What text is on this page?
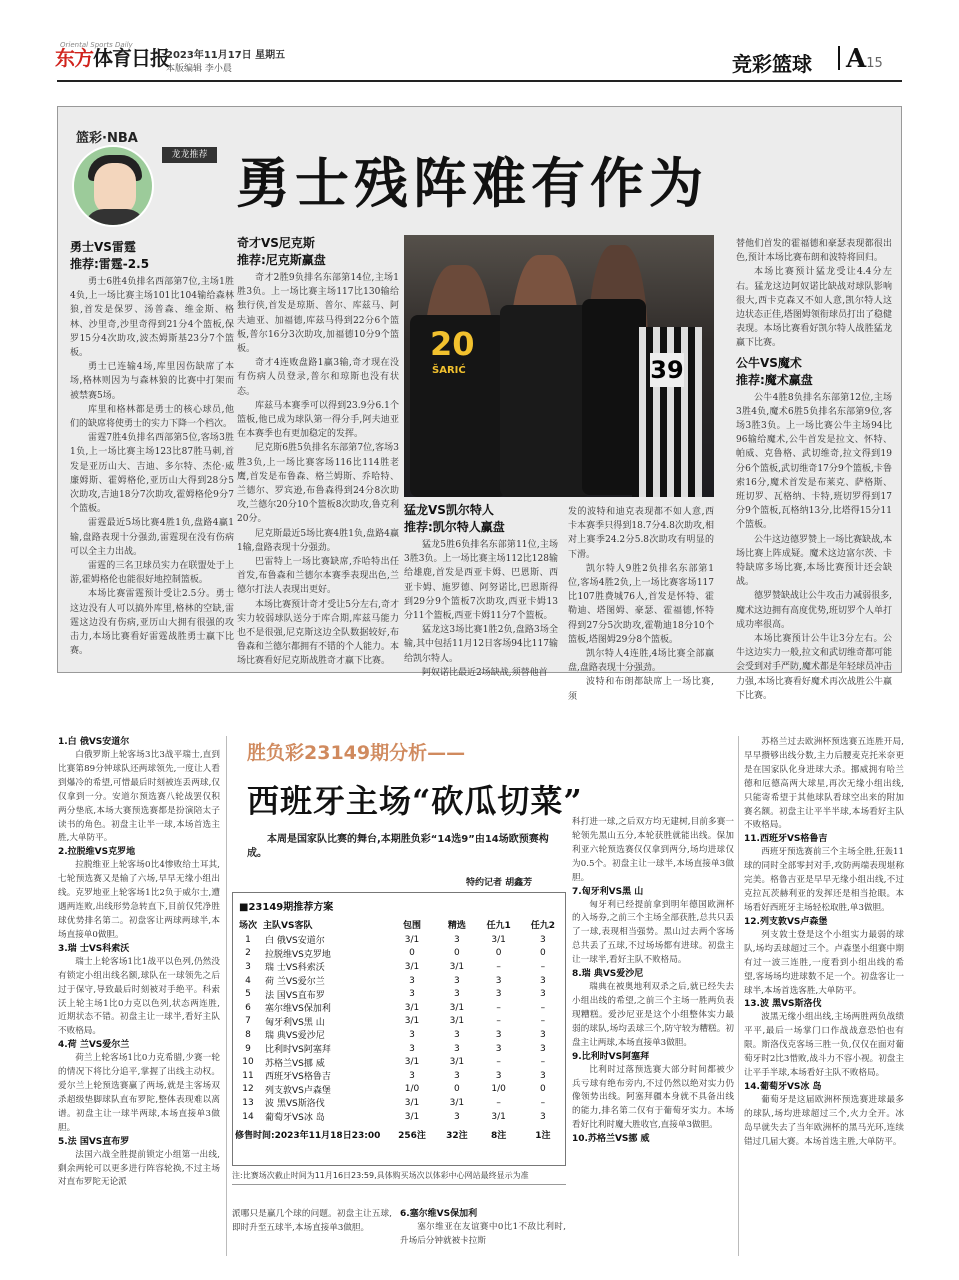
东方体育日报
Oriental Sports Daily
2023年11月17日 星期五
本版编辑 李小晨	竞彩篮球 A15
篮彩·NBA
龙龙推荐 勇士残阵难有作为
勇士VS雷霆
推荐:雷霆-2.5

勇士6胜4负排名西部第7位,主场1胜4负,上一场比赛主场101比104输给森林狼,首发是保罗、汤普森、维金斯、格林、沙里奇,沙里奇得到21分4个篮板,保罗15分4次助攻,波杰姆斯基23分7个篮板。

勇士已连输4场,库里因伤缺席了本场,格林则因为与森林狼的比赛中打架而被禁赛5场。

库里和格林都是勇士的核心球员,他们的缺席将使勇士的实力下降一个档次。

雷霆7胜4负排名西部第5位,客场3胜1负,上一场比赛主场123比87胜马刺,首发是亚历山大、吉迪、多尔特、杰伦·威廉姆斯、霍姆格伦,亚历山大得到28分5次助攻,吉迪18分7次助攻,霍姆格伦9分7个篮板。

雷霆最近5场比赛4胜1负,盘路4赢1输,盘路表现十分强劲,雷霆现在没有伤病可以全主力出战。

雷霆的三名卫球员实力在联盟处于上游,霍姆格伦也能很好地控制篮板。

本场比赛雷霆预计受让2.5分。勇士这边没有人可以搞外库里,格林的空缺,雷霆这边没有伤病,亚历山大拥有很强的攻击力,本场比赛看好雷霆战胜勇士赢下比赛。

奇才VS尼克斯
推荐:尼克斯赢盘

奇才2胜9负排名东部第14位,主场1胜3负。上一场比赛主场117比130输给独行侠,首发是琼斯、普尔、库兹马、阿夫迪亚、加福德,库兹马得到22分6个篮板,普尔16分3次助攻,加福德10分9个篮板。

奇才4连败盘路1赢3输,奇才现在没有伤病人员登录,普尔和琼斯也没有状态。

库兹马本赛季可以得到23.9分6.1个篮板,他已成为球队第一得分手,阿夫迪亚在本赛季也有更加稳定的发挥。

尼克斯6胜5负排名东部第7位,客场3胜3负,上一场比赛客场116比114胜老鹰,首发是布鲁森、格兰姆斯、乔哈特、兰德尔、罗宾逊,布鲁森得到24分8次助攻,兰德尔20分10个篮板8次助攻,鲁克利20分。

尼克斯最近5场比赛4胜1负,盘路4赢1输,盘路表现十分强劲。

巴雷特上一场比赛缺席,乔哈特出任首发,布鲁森和兰德尔本赛季表现出色,兰德尔打法人表现出更好。

本场比赛预计奇才受让5分左右,奇才实力较弱球队送分于库合期,库兹马能力也不是很强,尼克斯这边全队数据较好,布鲁森和兰德尔都拥有不错的个人能力。本场比赛看好尼克斯战胜奇才赢下比赛。

20
ŠARIĆ	39
猛龙VS凯尔特人
推荐:凯尔特人赢盘

猛龙5胜6负排名东部第11位,主场3胜3负。上一场比赛主场112比128输给雄鹿,首发是西亚卡姆、巴恩斯、西亚卡姆、施罗德、阿努诺比,巴恩斯得到29分9个篮板7次助攻,西亚卡姆13分11个篮板,西亚卡姆11分7个篮板。

猛龙这3场比赛1胜2负,盘路3场全输,其中包括11月12日客场94比117输给凯尔特人。

阿奴诺比最近2场缺战,须替他首

发的波特和迪克表现都不如人意,西卡本赛季只得到18.7分4.8次助攻,相对上赛季24.2分5.8次助攻有明显的下滑。

凯尔特人9胜2负排名东部第1位,客场4胜2负,上一场比赛客场117比107胜费城76人,首发是怀特、霍勒迪、塔图姆、豪瑟、霍福德,怀特得到27分5次助攻,霍勒迪18分10个篮板,塔图姆29分8个篮板。

凯尔特人4连胜,4场比赛全部赢盘,盘路表现十分强劲。

波特和布朗都缺席上一场比赛,须

替他们首发的霍福德和豪瑟表现都很出色,预计本场比赛布朗和波特将回归。

本场比赛预计猛龙受让4.4分左右。猛龙这边阿奴诺比缺战对球队影响很大,西卡克森又不如人意,凯尔特人这边状态正佳,塔图姆领衔球员打出了稳健表现。本场比赛看好凯尔特人战胜猛龙赢下比赛。

公牛VS魔术
推荐:魔术赢盘

公牛4胜8负排名东部第12位,主场3胜4负,魔术6胜5负排名东部第9位,客场3胜3负。上一场比赛公牛主场94比96输给魔术,公牛首发是拉文、怀特、帕威、克鲁格、武切维奇,拉文得到19分6个篮板,武切维奇17分9个篮板,卡鲁索16分,魔术首发是布莱克、萨格斯、班切罗、瓦格纳、卡特,班切罗得到17分9个篮板,瓦格纳13分,比塔得15分11个篮板。

公牛这边德罗赞上一场比赛缺战,本场比赛上阵成疑。魔术这边富尔茨、卡特缺席多场比赛,本场比赛预计还会缺战。

德罗赞缺战让公牛攻击力减弱很多,魔术这边拥有高度优势,班切罗个人单打成功率很高。

本场比赛预计公牛让3分左右。公牛这边实力一般,拉文和武切维奇都可能会受到对手严防,魔术都是年轻球员冲击力强,本场比赛看好魔术再次战胜公牛赢下比赛。

1.白 俄VS安道尔

白俄罗斯上轮客场3比3战平瑞士,直到比赛第89分钟球队还两球领先,一度让人看到爆冷的希望,可惜最后时刻被连丢两球,仅仅拿到一分。安道尔预选赛八轮战罢仅积两分垫底,本场大赛预选赛都是扮演陪太子读书的角色。初盘主让半一球,本场首选主胜,大单防平。

2.拉脱维VS克罗地

拉脱维亚上轮客场0比4惨败给土耳其,七轮预选赛又是输了六场,早早无缘小组出线。克罗地亚上轮客场1比2负于威尔士,遭遇两连败,出线形势急转直下,目前仅凭净胜球优势排名第二。初盘客让两球两球半,本场直接单0做胆。

3.瑞 士VS科索沃

瑞士上轮客场1比1战平以色列,仍然没有锁定小组出线名额,球队在一球领先之后过于保守,导致最后时刻被对手绝平。科索沃上轮主场1比0力克以色列,状态两连胜,近期状态不错。初盘主让一球半,看好主队不败格局。

4.荷 兰VS爱尔兰

荷兰上轮客场1比0力克希腊,少赛一轮的情况下将比分追平,掌握了出线主动权。爱尔兰上轮预选赛赢了两场,就是主客场双杀超级垫脚球队直布罗陀,整体表现难以离谱。初盘主让一球半两球,本场直接单3做胆。

5.法 国VS直布罗

法国六战全胜提前锁定小组第一出线,剩余两轮可以更多进行阵容轮换,不过主场对直布罗陀无论派

胜负彩23149期分析——
西班牙主场“砍瓜切菜”
本周是国家队比赛的舞台,本期胜负彩“14选9”由14场欧预赛构成。
特约记者 胡鑫芳
■23149期推荐方案
场次	主队VS客队	包围	精选	任九1	任九2
1	白 俄VS安道尔	3/1	3	3/1	3
2	拉脱维VS克罗地	0	0	0	0
3	瑞 士VS科索沃	3/1	3/1	–	–
4	荷 兰VS爱尔兰	3	3	3	3
5	法 国VS直布罗	3	3	3	3
6	塞尔维VS保加利	3/1	3/1	–	–
7	匈牙利VS黑 山	3/1	3/1	–	–
8	瑞 典VS爱沙尼	3	3	3	3
9	比利时VS阿塞拜	3	3	3	3
10	苏格兰VS挪 威	3/1	3/1	–	–
11	西班牙VS格鲁吉	3	3	3	3
12	列支敦VS卢森堡	1/0	0	1/0	0
13	波 黑VS斯洛伐	3/1	3/1	–	–
14	葡萄牙VS冰 岛	3/1	3	3/1	3
修售时间:2023年11月18日23:00		256注	32注	8注	1注
注:比赛场次截止时间为11月16日23:59,具体购买场次以体彩中心网站最终显示为准

派哪只是赢几个球的问题。初盘主让五球,即时升至五球半,本场直接单3做胆。

6.塞尔维VS保加利

塞尔维亚在友谊赛中0比1不敌比利时,升场后分钟就被卡拉斯

科打进一球,之后双方均无建树,目前多赛一轮领先黑山五分,本轮获胜就能出线。保加利亚六轮预选赛仅仅拿到两分,场均进球仅为0.5个。初盘主让一球半,本场直接单3做胆。

7.匈牙利VS黑 山

匈牙利已经提前拿到明年德国欧洲杯的入场券,之前三个主场全部获胜,总共只丢了一球,表现相当强势。黑山过去两个客场总共丢了五球,不过场场都有进球。初盘主让一球半,看好主队不败格局。

8.瑞 典VS爱沙尼

瑞典在被奥地利双杀之后,就已经失去小组出线的希望,之前三个主场一胜两负表现糟糕。爱沙尼亚是这个小组整体实力最弱的球队,场均丢球三个,防守较为糟糕。初盘主让两球,本场直接单3做胆。

9.比利时VS阿塞拜

比利时过落预选赛大部分时间都被少兵亏球有绝布旁内,不过仍然以绝对实力仍像领势出线。阿塞拜疆本身就不具备出线的能力,排名第二仅有于葡萄牙实力。本场看好比利时魔大胜收官,直接单3做胆。

10.苏格兰VS挪 威

苏格兰过去欧洲杯预选赛五连胜开局,早早攒够出线分数,主力后腰麦克托米奈更是在国家队化身进球大杀。挪威拥有哈兰德和厄德高两大球星,再次无缘小组出线,只能寄希望于其他球队看球空出来的附加赛名额。初盘主让平半半球,本场看好主队不败格局。

11.西班牙VS格鲁吉

西班牙预选赛前三个主场全胜,狂轰11球的同时全部零封对手,攻防两端表现堪称完美。格鲁吉亚是早早无缘小组出线,不过克拉瓦茨赫利亚的发挥还是相当抢眼。本场看好西班牙主场轻松取胜,单3做胆。

12.列支敦VS卢森堡

列支敦士登是这个小组实力最弱的球队,场均丢球超过三个。卢森堡小组赛中期有过一波三连胜,一度看到小组出线的希望,客场场均进球数不足一个。初盘客让一球半,本场首选客胜,大单防平。

13.波 黑VS斯洛伐

波黑无缘小组出线,主场两胜两负战绩平平,最后一场掌门口作战战意恐怕也有限。斯洛伐克客场三胜一负,仅仅在面对葡萄牙时2比3惜败,战斗力不容小视。初盘主让平手半球,本场看好主队不败格局。

14.葡萄牙VS冰 岛

葡萄牙是这届欧洲杯预选赛进球最多的球队,场均进球超过三个,火力全开。冰岛早就失去了当年欧洲杯的黑马光环,连续错过几届大赛。本场首选主胜,大单防平。
